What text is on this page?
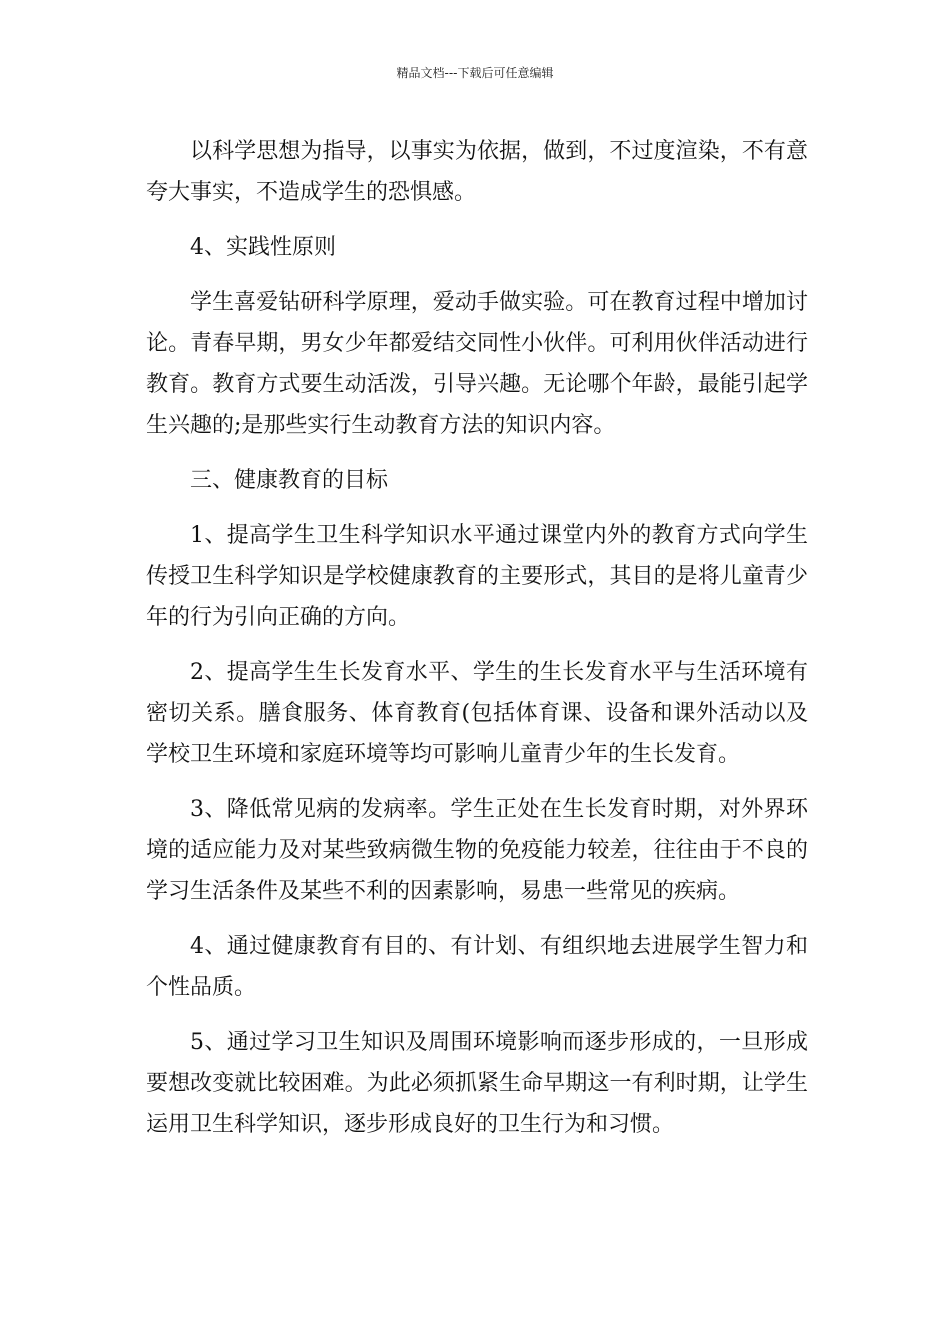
精品文档---下载后可任意编辑

以科学思想为指导，以事实为依据，做到，不过度渲染，不有意夸大事实，不造成学生的恐惧感。

4、实践性原则

学生喜爱钻研科学原理，爱动手做实验。可在教育过程中增加讨论。青春早期，男女少年都爱结交同性小伙伴。可利用伙伴活动进行教育。教育方式要生动活泼，引导兴趣。无论哪个年龄，最能引起学生兴趣的;是那些实行生动教育方法的知识内容。

三、健康教育的目标

1、提高学生卫生科学知识水平通过课堂内外的教育方式向学生传授卫生科学知识是学校健康教育的主要形式，其目的是将儿童青少年的行为引向正确的方向。

2、提高学生生长发育水平、学生的生长发育水平与生活环境有密切关系。膳食服务、体育教育(包括体育课、设备和课外活动以及学校卫生环境和家庭环境等均可影响儿童青少年的生长发育。

3、降低常见病的发病率。学生正处在生长发育时期，对外界环境的适应能力及对某些致病微生物的免疫能力较差，往往由于不良的学习生活条件及某些不利的因素影响，易患一些常见的疾病。

4、通过健康教育有目的、有计划、有组织地去进展学生智力和个性品质。

5、通过学习卫生知识及周围环境影响而逐步形成的，一旦形成要想改变就比较困难。为此必须抓紧生命早期这一有利时期，让学生运用卫生科学知识，逐步形成良好的卫生行为和习惯。
